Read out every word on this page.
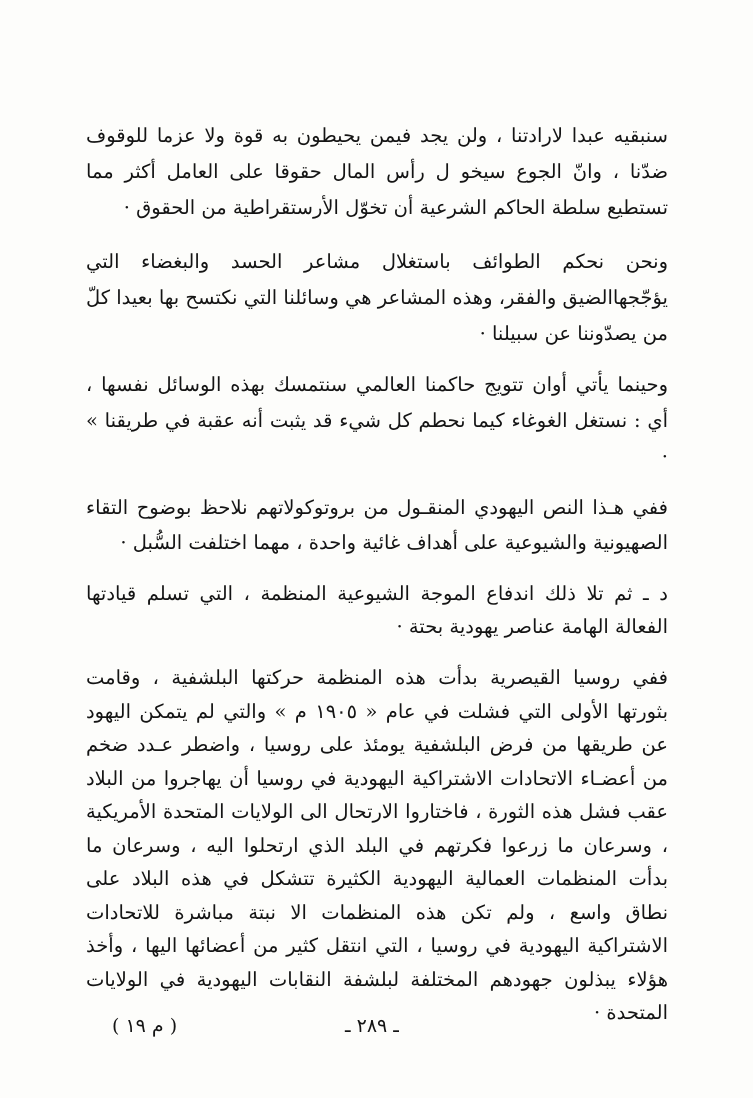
سنبقيه عبدا لارادتنا ، ولن يجد فيمن يحيطون به قوة ولا عزما للوقوف ضدّنا ، وانّ الجوع سيخو ل رأس المال حقوقا على العامل أكثر مما تستطيع سلطة الحاكم الشرعية أن تخوّل الأرستقراطية من الحقوق ·

ونحن نحكم الطوائف باستغلال مشاعر الحسد والبغضاء التي يؤجّجهاالضيق والفقر، وهذه المشاعر هي وسائلنا التي نكتسح بها بعيدا كلّ من يصدّوننا عن سبيلنا ·

وحينما يأتي أوان تتويج حاكمنا العالمي سنتمسك بهذه الوسائل نفسها ، أي : نستغل الغوغاء كيما نحطم كل شيء قد يثبت أنه عقبة في طريقنا » ·

ففي هـذا النص اليهودي المنقـول من بروتوكولاتهم نلاحظ بوضوح التقاء الصهيونية والشيوعية على أهداف غائية واحدة ، مهما اختلفت السُّبل ·

د ـ ثم تلا ذلك اندفاع الموجة الشيوعية المنظمة ، التي تسلم قيادتها الفعالة الهامة عناصر يهودية بحتة ·

ففي روسيا القيصرية بدأت هذه المنظمة حركتها البلشفية ، وقامت بثورتها الأولى التي فشلت في عام « ١٩٠٥ م » والتي لم يتمكن اليهود عن طريقها من فرض البلشفية يومئذ على روسيا ، واضطر عـدد ضخم من أعضـاء الاتحادات الاشتراكية اليهودية في روسيا أن يهاجروا من البلاد عقب فشل هذه الثورة ، فاختاروا الارتحال الى الولايات المتحدة الأمريكية ، وسرعان ما زرعوا فكرتهم في البلد الذي ارتحلوا اليه ، وسرعان ما بدأت المنظمات العمالية اليهودية الكثيرة تتشكل في هذه البلاد على نطاق واسع ، ولم تكن هذه المنظمات الا نبتة مباشرة للاتحادات الاشتراكية اليهودية في روسيا ، التي انتقل كثير من أعضائها اليها ، وأخذ هؤلاء يبذلون جهودهم المختلفة لبلشفة النقابات اليهودية في الولايات المتحدة ·

ـ ٢٨٩ ـ
( م ١٩ )
